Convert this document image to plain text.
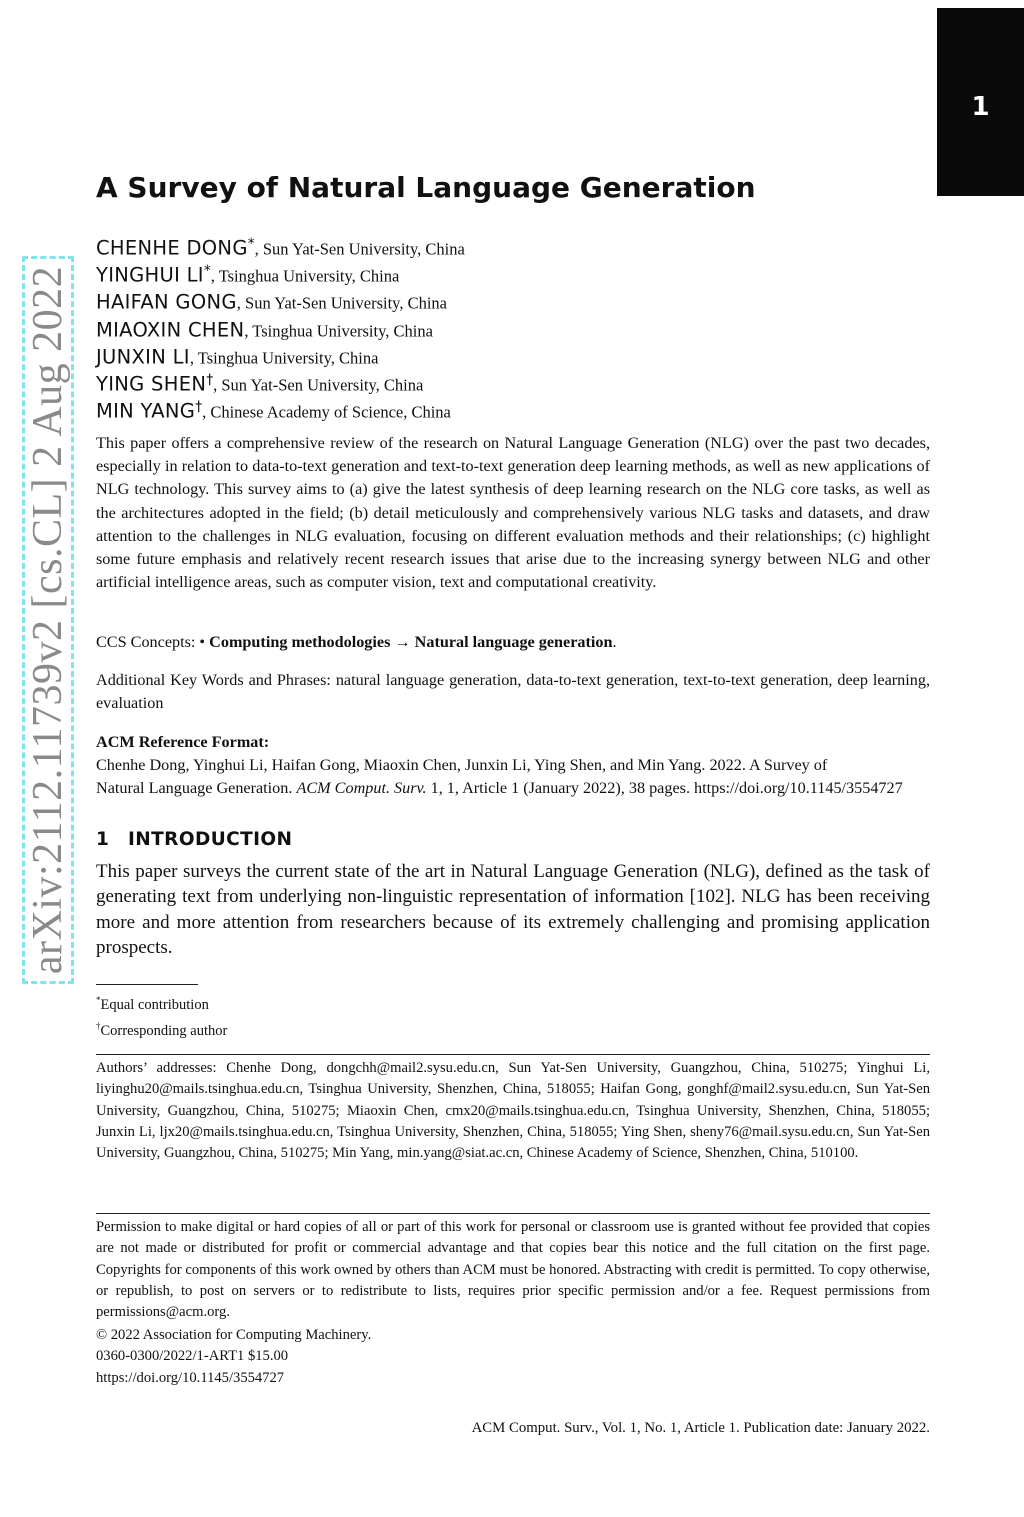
1
arXiv:2112.11739v2 [cs.CL] 2 Aug 2022
A Survey of Natural Language Generation
CHENHE DONG*, Sun Yat-Sen University, China
YINGHUI LI*, Tsinghua University, China
HAIFAN GONG, Sun Yat-Sen University, China
MIAOXIN CHEN, Tsinghua University, China
JUNXIN LI, Tsinghua University, China
YING SHEN†, Sun Yat-Sen University, China
MIN YANG†, Chinese Academy of Science, China

This paper offers a comprehensive review of the research on Natural Language Generation (NLG) over the past two decades, especially in relation to data-to-text generation and text-to-text generation deep learning methods, as well as new applications of NLG technology. This survey aims to (a) give the latest synthesis of deep learning research on the NLG core tasks, as well as the architectures adopted in the field; (b) detail meticulously and comprehensively various NLG tasks and datasets, and draw attention to the challenges in NLG evaluation, focusing on different evaluation methods and their relationships; (c) highlight some future emphasis and relatively recent research issues that arise due to the increasing synergy between NLG and other artificial intelligence areas, such as computer vision, text and computational creativity.

CCS Concepts: • Computing methodologies → Natural language generation.

Additional Key Words and Phrases: natural language generation, data-to-text generation, text-to-text generation, deep learning, evaluation

ACM Reference Format:
Chenhe Dong, Yinghui Li, Haifan Gong, Miaoxin Chen, Junxin Li, Ying Shen, and Min Yang. 2022. A Survey of
Natural Language Generation. ACM Comput. Surv. 1, 1, Article 1 (January 2022), 38 pages. https://doi.org/10.1145/3554727

1 INTRODUCTION

This paper surveys the current state of the art in Natural Language Generation (NLG), defined as the task of generating text from underlying non-linguistic representation of information [102]. NLG has been receiving more and more attention from researchers because of its extremely challenging and promising application prospects.

*Equal contribution
†Corresponding author

Authors’ addresses: Chenhe Dong, dongchh@mail2.sysu.edu.cn, Sun Yat-Sen University, Guangzhou, China, 510275; Yinghui Li, liyinghu20@mails.tsinghua.edu.cn, Tsinghua University, Shenzhen, China, 518055; Haifan Gong, gonghf@mail2.sysu.edu.cn, Sun Yat-Sen University, Guangzhou, China, 510275; Miaoxin Chen, cmx20@mails.tsinghua.edu.cn, Tsinghua University, Shenzhen, China, 518055; Junxin Li, ljx20@mails.tsinghua.edu.cn, Tsinghua University, Shenzhen, China, 518055; Ying Shen, sheny76@mail.sysu.edu.cn, Sun Yat-Sen University, Guangzhou, China, 510275; Min Yang, min.yang@siat.ac.cn, Chinese Academy of Science, Shenzhen, China, 510100.

Permission to make digital or hard copies of all or part of this work for personal or classroom use is granted without fee provided that copies are not made or distributed for profit or commercial advantage and that copies bear this notice and the full citation on the first page. Copyrights for components of this work owned by others than ACM must be honored. Abstracting with credit is permitted. To copy otherwise, or republish, to post on servers or to redistribute to lists, requires prior specific permission and/or a fee. Request permissions from permissions@acm.org.

© 2022 Association for Computing Machinery.
0360-0300/2022/1-ART1 $15.00
https://doi.org/10.1145/3554727

ACM Comput. Surv., Vol. 1, No. 1, Article 1. Publication date: January 2022.
